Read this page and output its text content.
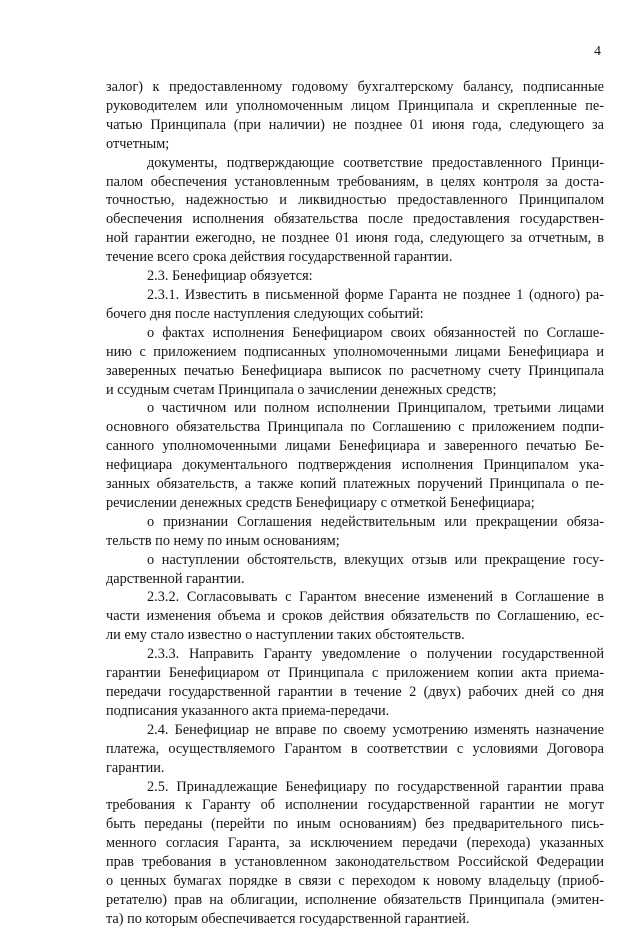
4

залог) к предоставленному годовому бухгалтерскому балансу, подписанные
руководителем или уполномоченным лицом Принципала и скрепленные пе-
чатью Принципала (при наличии) не позднее 01 июня года, следующего за
отчетным;

документы, подтверждающие соответствие предоставленного Принци-
палом обеспечения установленным требованиям, в целях контроля за доста-
точностью, надежностью и ликвидностью предоставленного Принципалом
обеспечения исполнения обязательства после предоставления государствен-
ной гарантии ежегодно, не позднее 01 июня года, следующего за отчетным, в
течение всего срока действия государственной гарантии.

2.3. Бенефициар обязуется:

2.3.1. Известить в письменной форме Гаранта не позднее 1 (одного) ра-
бочего дня после наступления следующих событий:

о фактах исполнения Бенефициаром своих обязанностей по Соглаше-
нию с приложением подписанных уполномоченными лицами Бенефициара и
заверенных печатью Бенефициара выписок по расчетному счету Принципала
и ссудным счетам Принципала о зачислении денежных средств;

о частичном или полном исполнении Принципалом, третьими лицами
основного обязательства Принципала по Соглашению с приложением подпи-
санного уполномоченными лицами Бенефициара и заверенного печатью Бе-
нефициара документального подтверждения исполнения Принципалом ука-
занных обязательств, а также копий платежных поручений Принципала о пе-
речислении денежных средств Бенефициару с отметкой Бенефициара;

о признании Соглашения недействительным или прекращении обяза-
тельств по нему по иным основаниям;

о наступлении обстоятельств, влекущих отзыв или прекращение госу-
дарственной гарантии.

2.3.2. Согласовывать с Гарантом внесение изменений в Соглашение в
части изменения объема и сроков действия обязательств по Соглашению, ес-
ли ему стало известно о наступлении таких обстоятельств.

2.3.3. Направить Гаранту уведомление о получении государственной
гарантии Бенефициаром от Принципала с приложением копии акта приема-
передачи государственной гарантии в течение 2 (двух) рабочих дней со дня
подписания указанного акта приема-передачи.

2.4. Бенефициар не вправе по своему усмотрению изменять назначение
платежа, осуществляемого Гарантом в соответствии с условиями Договора
гарантии.

2.5. Принадлежащие Бенефициару по государственной гарантии права
требования к Гаранту об исполнении государственной гарантии не могут
быть переданы (перейти по иным основаниям) без предварительного пись-
менного согласия Гаранта, за исключением передачи (перехода) указанных
прав требования в установленном законодательством Российской Федерации
о ценных бумагах порядке в связи с переходом к новому владельцу (приоб-
ретателю) прав на облигации, исполнение обязательств Принципала (эмитен-
та) по которым обеспечивается государственной гарантией.
